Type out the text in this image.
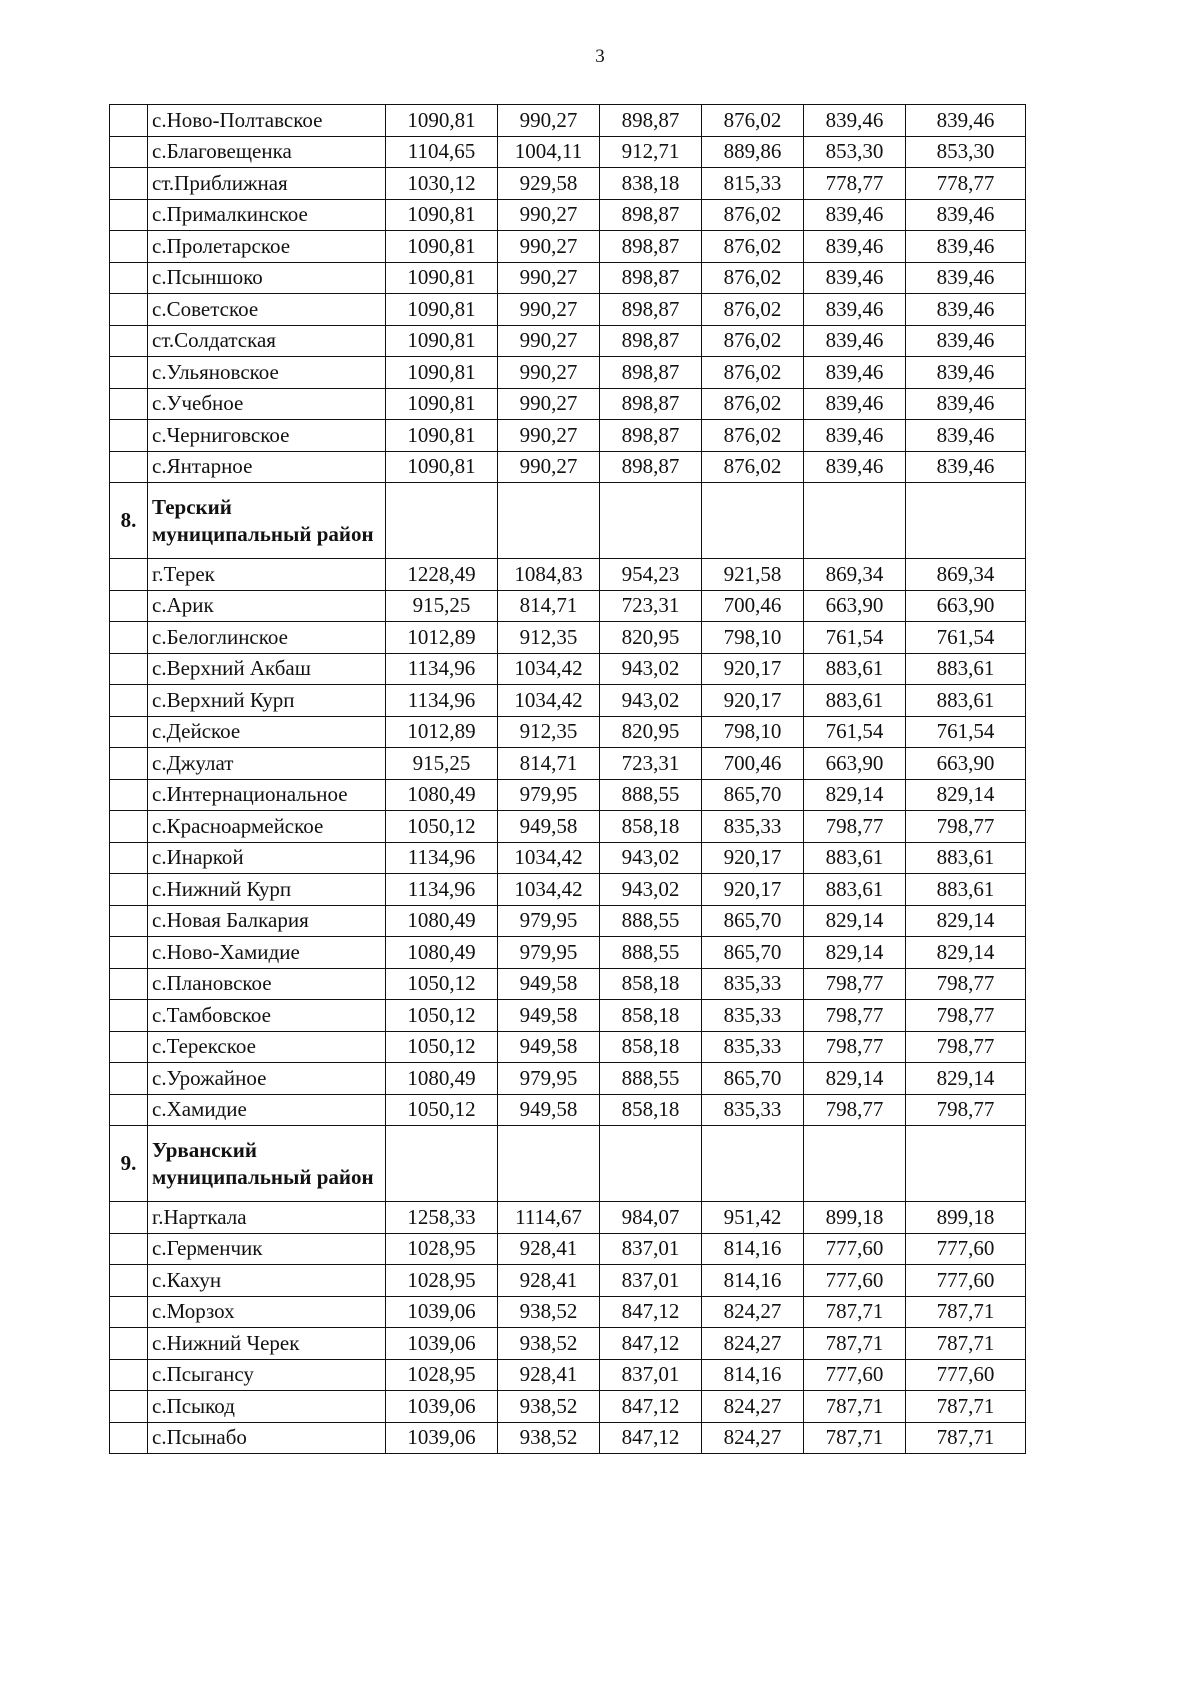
3
	с.Ново-Полтавское	1090,81	990,27	898,87	876,02	839,46	839,46
	с.Благовещенка	1104,65	1004,11	912,71	889,86	853,30	853,30
	ст.Приближная	1030,12	929,58	838,18	815,33	778,77	778,77
	с.Прималкинское	1090,81	990,27	898,87	876,02	839,46	839,46
	с.Пролетарское	1090,81	990,27	898,87	876,02	839,46	839,46
	с.Псыншоко	1090,81	990,27	898,87	876,02	839,46	839,46
	с.Советское	1090,81	990,27	898,87	876,02	839,46	839,46
	ст.Солдатская	1090,81	990,27	898,87	876,02	839,46	839,46
	с.Ульяновское	1090,81	990,27	898,87	876,02	839,46	839,46
	с.Учебное	1090,81	990,27	898,87	876,02	839,46	839,46
	с.Черниговское	1090,81	990,27	898,87	876,02	839,46	839,46
	с.Янтарное	1090,81	990,27	898,87	876,02	839,46	839,46
8.	Терский муниципальный район						
	г.Терек	1228,49	1084,83	954,23	921,58	869,34	869,34
	с.Арик	915,25	814,71	723,31	700,46	663,90	663,90
	с.Белоглинское	1012,89	912,35	820,95	798,10	761,54	761,54
	с.Верхний Акбаш	1134,96	1034,42	943,02	920,17	883,61	883,61
	с.Верхний Курп	1134,96	1034,42	943,02	920,17	883,61	883,61
	с.Дейское	1012,89	912,35	820,95	798,10	761,54	761,54
	с.Джулат	915,25	814,71	723,31	700,46	663,90	663,90
	с.Интернациональное	1080,49	979,95	888,55	865,70	829,14	829,14
	с.Красноармейское	1050,12	949,58	858,18	835,33	798,77	798,77
	с.Инаркой	1134,96	1034,42	943,02	920,17	883,61	883,61
	с.Нижний Курп	1134,96	1034,42	943,02	920,17	883,61	883,61
	с.Новая Балкария	1080,49	979,95	888,55	865,70	829,14	829,14
	с.Ново-Хамидие	1080,49	979,95	888,55	865,70	829,14	829,14
	с.Плановское	1050,12	949,58	858,18	835,33	798,77	798,77
	с.Тамбовское	1050,12	949,58	858,18	835,33	798,77	798,77
	с.Терекское	1050,12	949,58	858,18	835,33	798,77	798,77
	с.Урожайное	1080,49	979,95	888,55	865,70	829,14	829,14
	с.Хамидие	1050,12	949,58	858,18	835,33	798,77	798,77
9.	Урванский муниципальный район						
	г.Нарткала	1258,33	1114,67	984,07	951,42	899,18	899,18
	с.Герменчик	1028,95	928,41	837,01	814,16	777,60	777,60
	с.Кахун	1028,95	928,41	837,01	814,16	777,60	777,60
	с.Морзох	1039,06	938,52	847,12	824,27	787,71	787,71
	с.Нижний Черек	1039,06	938,52	847,12	824,27	787,71	787,71
	с.Псыгансу	1028,95	928,41	837,01	814,16	777,60	777,60
	с.Псыкод	1039,06	938,52	847,12	824,27	787,71	787,71
	с.Псынабо	1039,06	938,52	847,12	824,27	787,71	787,71
